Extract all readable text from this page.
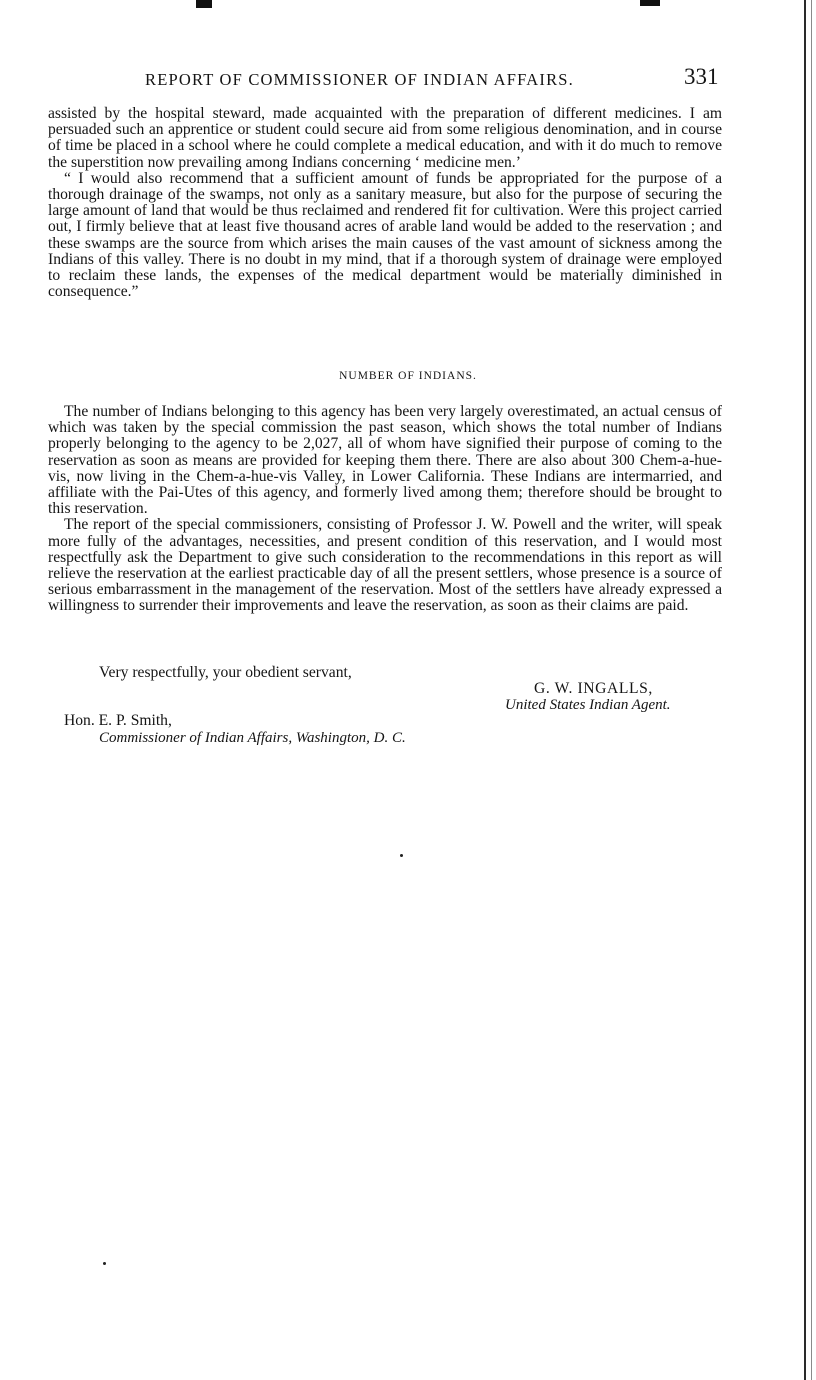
REPORT OF COMMISSIONER OF INDIAN AFFAIRS.	331

assisted by the hospital steward, made acquainted with the preparation of different medicines. I am persuaded such an apprentice or student could secure aid from some religious denomination, and in course of time be placed in a school where he could complete a medical education, and with it do much to remove the superstition now prevailing among Indians concerning ‘ medicine men.’

“ I would also recommend that a sufficient amount of funds be appropriated for the purpose of a thorough drainage of the swamps, not only as a sanitary measure, but also for the purpose of securing the large amount of land that would be thus reclaimed and rendered fit for cultivation. Were this project carried out, I firmly believe that at least five thousand acres of arable land would be added to the reservation ; and these swamps are the source from which arises the main causes of the vast amount of sickness among the Indians of this valley. There is no doubt in my mind, that if a thorough system of drainage were employed to reclaim these lands, the expenses of the medical department would be materially diminished in consequence.”

NUMBER OF INDIANS.

The number of Indians belonging to this agency has been very largely overestimated, an actual census of which was taken by the special commission the past season, which shows the total number of Indians properly belonging to the agency to be 2,027, all of whom have signified their purpose of coming to the reservation as soon as means are provided for keeping them there. There are also about 300 Chem-a-hue-vis, now living in the Chem-a-hue-vis Valley, in Lower California. These Indians are intermarried, and affiliate with the Pai-Utes of this agency, and formerly lived among them; therefore should be brought to this reservation.

The report of the special commissioners, consisting of Professor J. W. Powell and the writer, will speak more fully of the advantages, necessities, and present condition of this reservation, and I would most respectfully ask the Department to give such consideration to the recommendations in this report as will relieve the reservation at the earliest practicable day of all the present settlers, whose presence is a source of serious embarrassment in the management of the reservation. Most of the settlers have already expressed a willingness to surrender their improvements and leave the reservation, as soon as their claims are paid.

Very respectfully, your obedient servant,
G. W. INGALLS,
United States Indian Agent.
Hon. E. P. Smith,
Commissioner of Indian Affairs, Washington, D. C.
